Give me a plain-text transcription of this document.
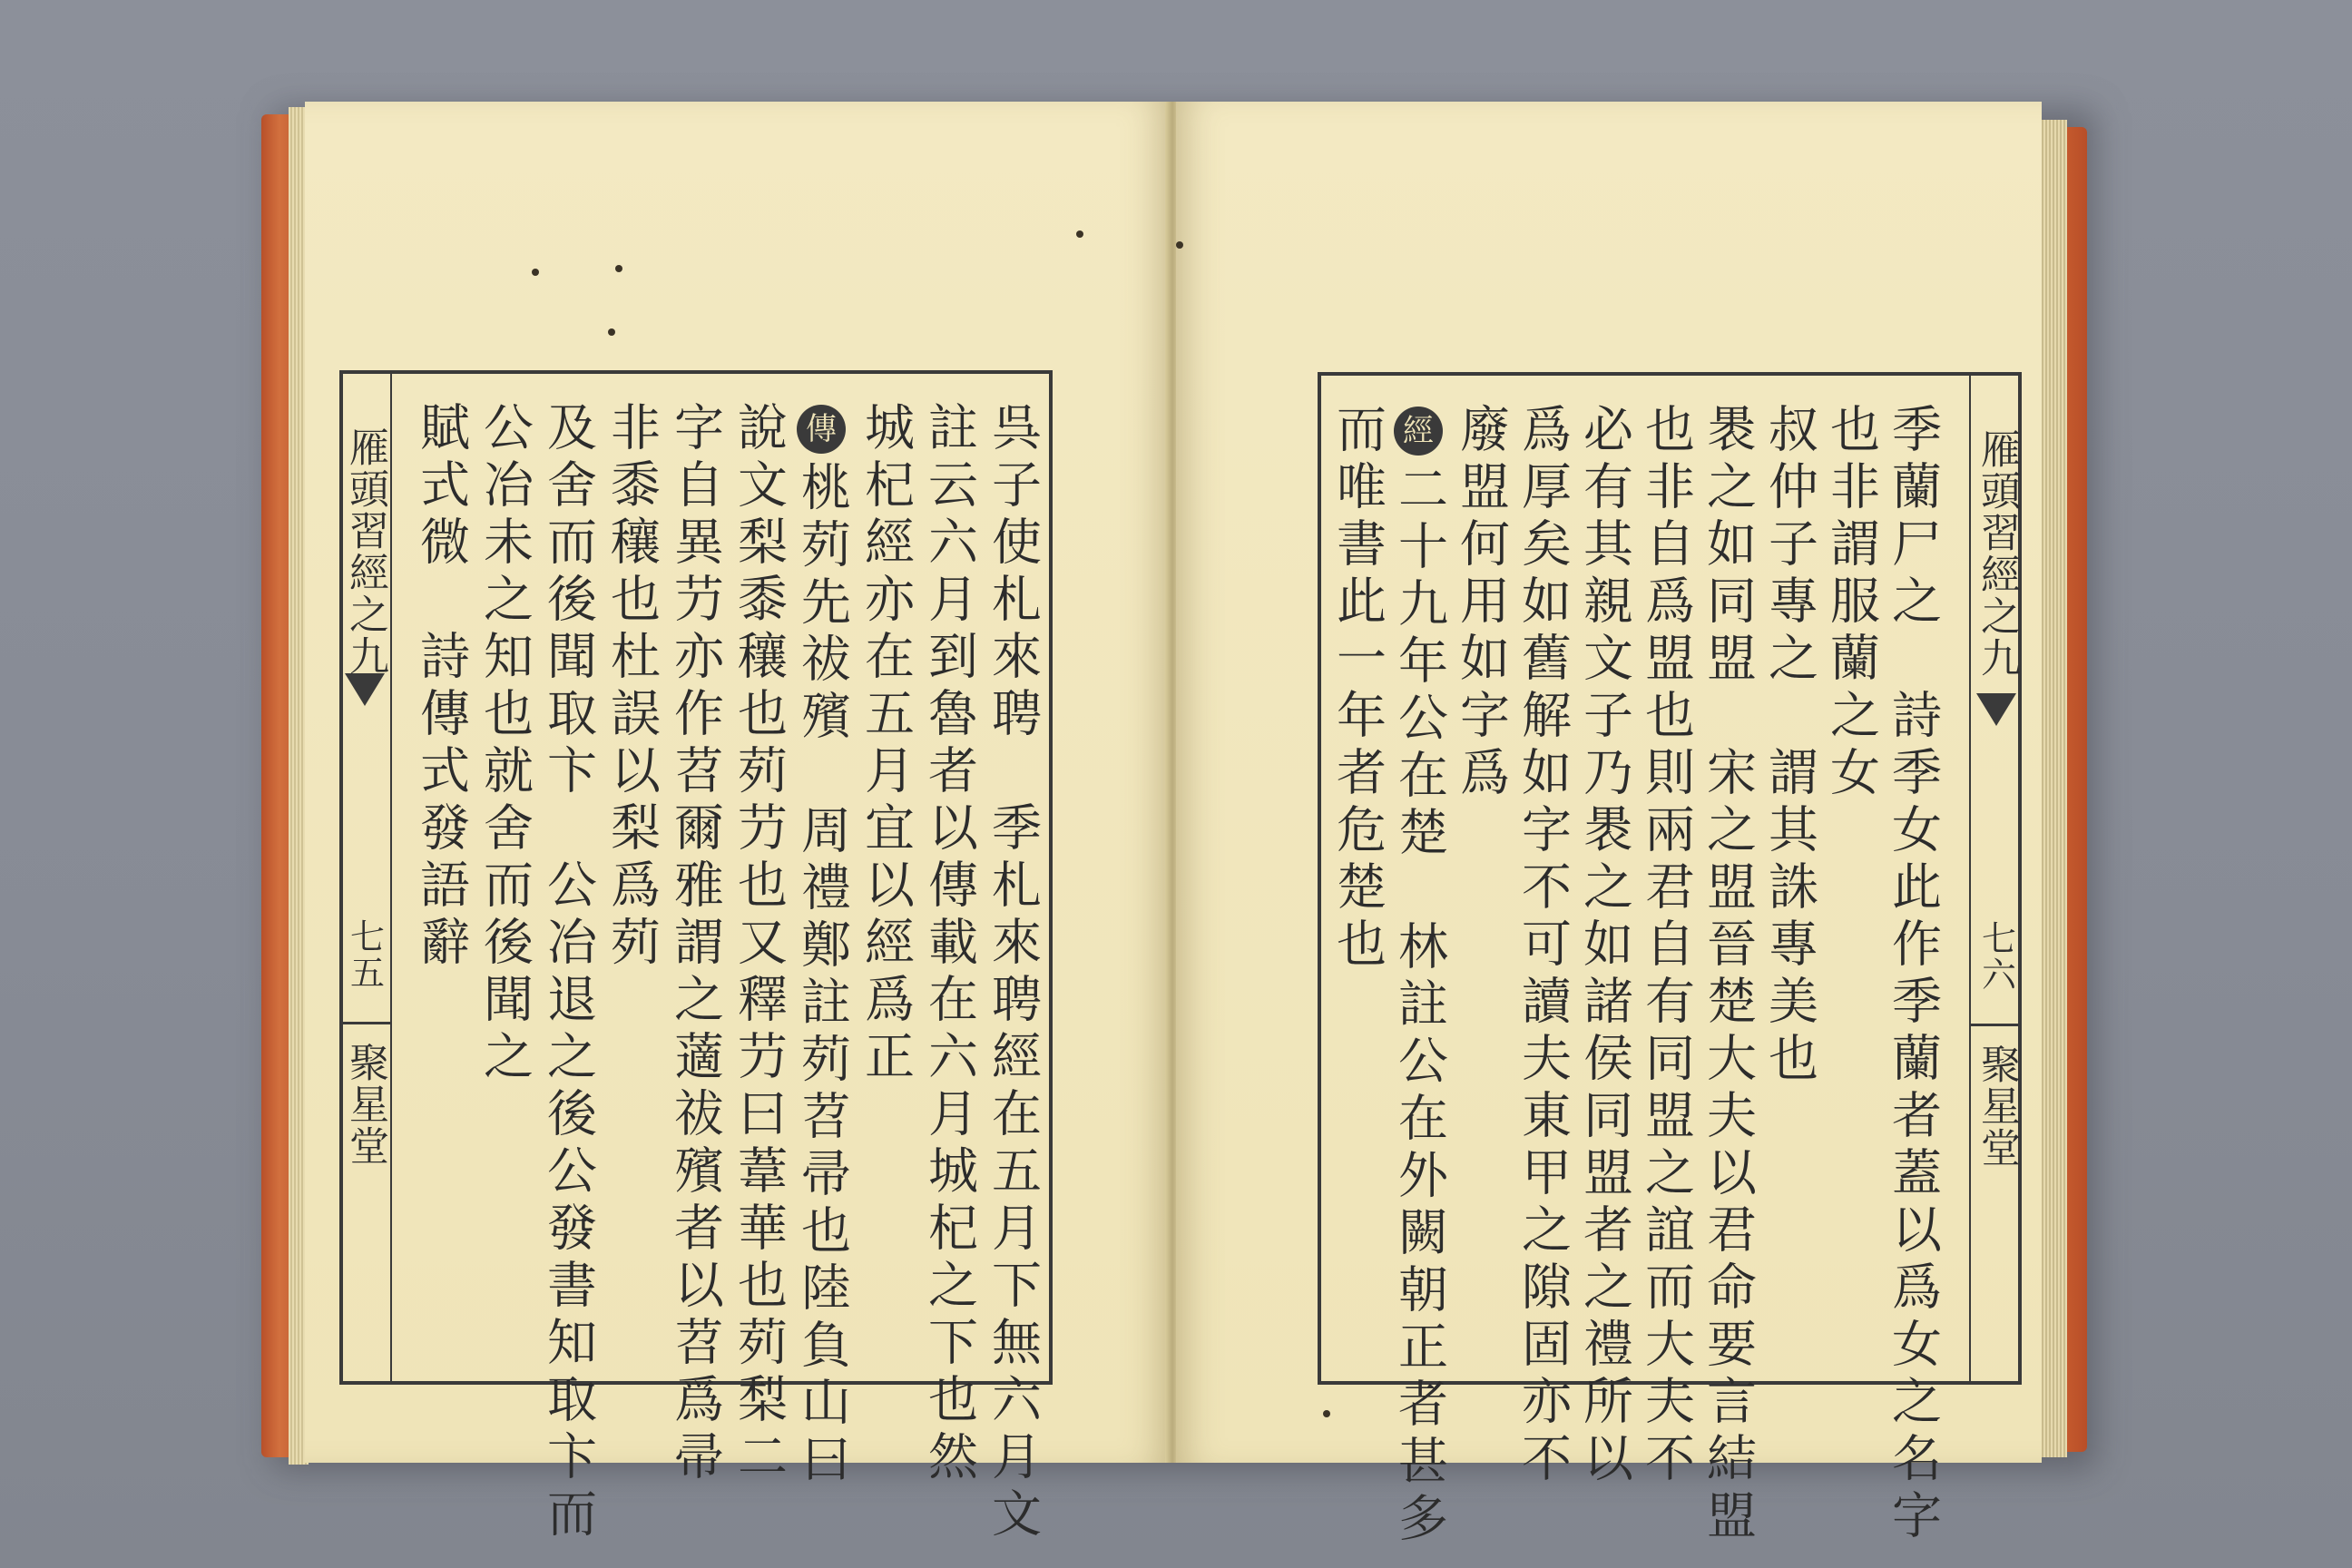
雁頭習經之九
七五
聚星堂	呉子使札來聘　季札來聘經在五月下無六月文
註云六月到魯者以傳載在六月城杞之下也然
城杞經亦在五月宜以經爲正
傳
桃茢先祓殯　周禮鄭註茢苕帚也陸負山曰
說文梨黍穰也茢芀也又釋芀曰葦華也茢梨二
字自異芀亦作苕爾雅謂之藡祓殯者以苕爲帚
非黍穰也杜誤以梨爲茢
及舍而後聞取卞　公冶退之後公發書知取卞而
公冶未之知也就舍而後聞之
賦式微　詩傳式發語辭	季蘭尸之　詩季女此作季蘭者蓋以爲女之名字
也非謂服蘭之女
叔仲子專之　謂其誅專美也
褁之如同盟　宋之盟晉楚大夫以君命要言結盟
也非自爲盟也則兩君自有同盟之誼而大夫不
必有其親文子乃褁之如諸侯同盟者之禮所以
爲厚矣如舊解如字不可讀夫東甲之隙固亦不
廢盟何用如字爲
經
二十九年公在楚　林註公在外闕朝正者甚多
而唯書此一年者危楚也	雁頭習經之九
七六
聚星堂
